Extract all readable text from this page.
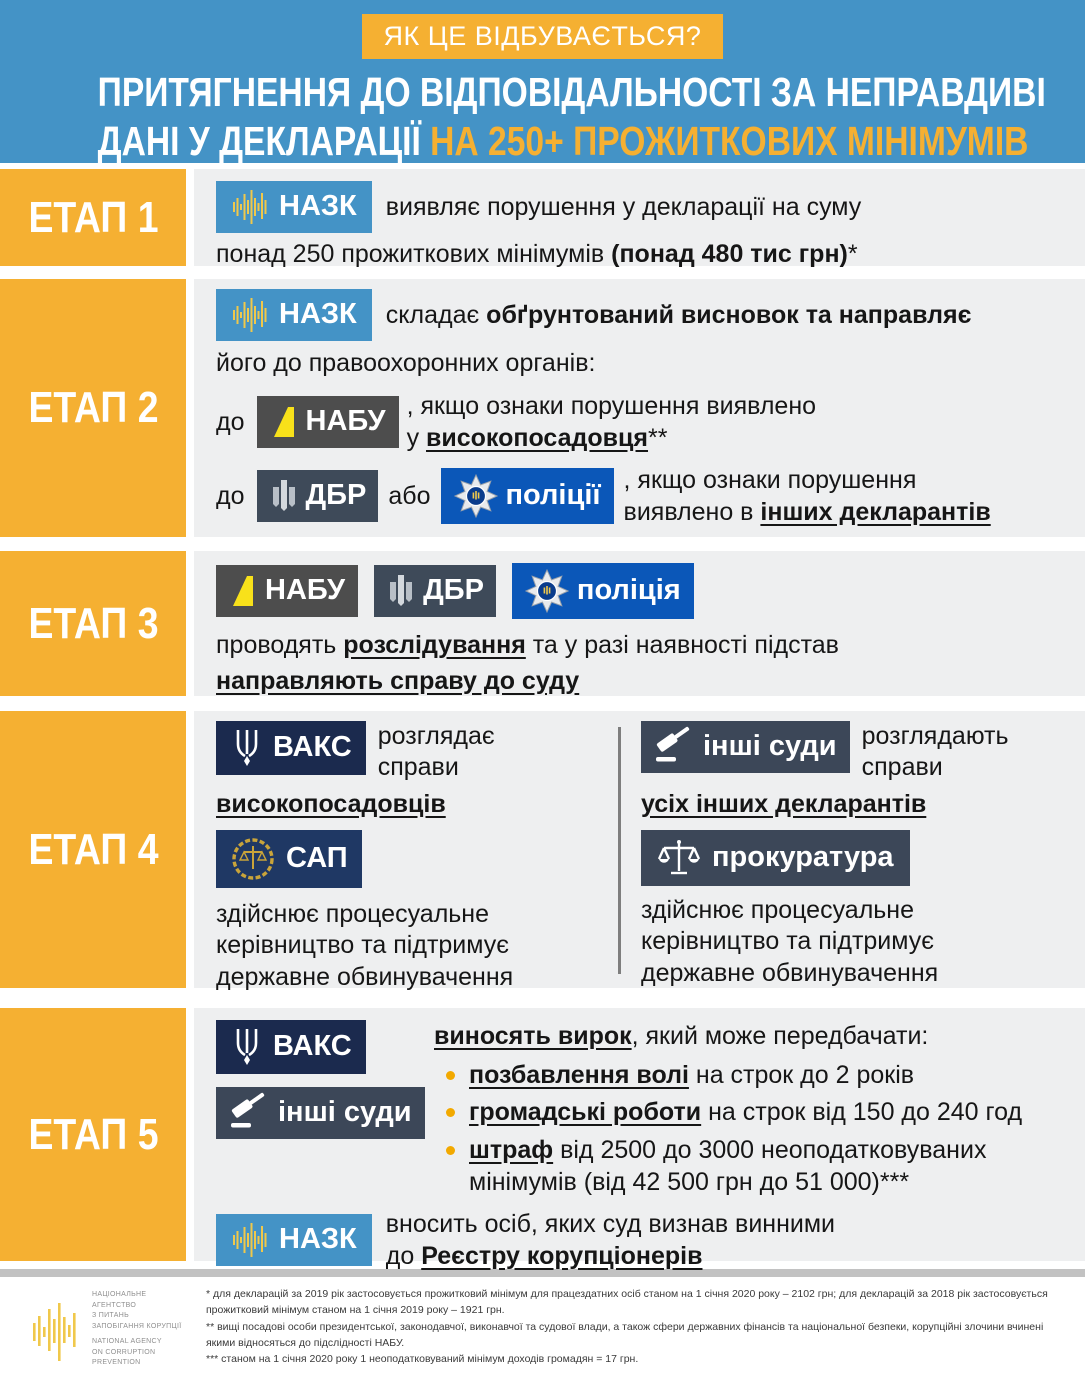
ЯК ЦЕ ВІДБУВАЄТЬСЯ?
ПРИТЯГНЕННЯ ДО ВІДПОВІДАЛЬНОСТІ ЗА НЕПРАВДИВІ
ДАНІ У ДЕКЛАРАЦІЇ НА 250+ ПРОЖИТКОВИХ МІНІМУМІВ
ЕТАП 1	НАЗК виявляє порушення у декларації на суму
понад 250 прожиткових мінімумів (понад 480 тис грн)*
ЕТАП 2
НАЗК складає обґрунтований висновок та направляє
його до правоохоронних органів:
до НАБУ , якщо ознаки порушення виявлено
у високопосадовця**
до ДБР або	поліції , якщо ознаки порушення
виявлено в інших декларантів
ЕТАП 3
НАБУ	ДБР	поліція
проводять розслідування та у разі наявності підстав
направляють справу до суду
ЕТАП 4
ВАКС розглядає
справи
високопосадовців
САП
здійснює процесуальне керівництво та підтримує державне обвинувачення
інші суди розглядають
справи
усіх інших декларантів
прокуратура
здійснює процесуальне керівництво та підтримує державне обвинувачення
ЕТАП 5
ВАКС
інші суди
виносять вирок, який може передбачати:
позбавлення волі на строк до 2 років
громадські роботи на строк від 150 до 240 год
штраф від 2500 до 3000 неоподатковуваних мінімумів (від 42 500 грн до 51 000)***
НАЗК вносить осіб, яких суд визнав винними
до Реєстру корупціонерів
НАЦІОНАЛЬНЕ АГЕНТСТВО
З ПИТАНЬ ЗАПОБІГАННЯ КОРУПЦІЇ
NATIONAL AGENCY
ON CORRUPTION PREVENTION
* для декларацій за 2019 рік застосовується прожитковий мінімум для працездатних осіб станом на 1 січня 2020 року – 2102 грн; для декларацій за 2018 рік застосовується прожитковий мінімум станом на 1 січня 2019 року – 1921 грн.
** вищі посадові особи президентської, законодавчої, виконавчої та судової влади, а також сфери державних фінансів та національної безпеки, корупційні злочини вчинені якими відносяться до підслідності НАБУ.
*** станом на 1 січня 2020 року 1 неоподатковуваний мінімум доходів громадян = 17 грн.
